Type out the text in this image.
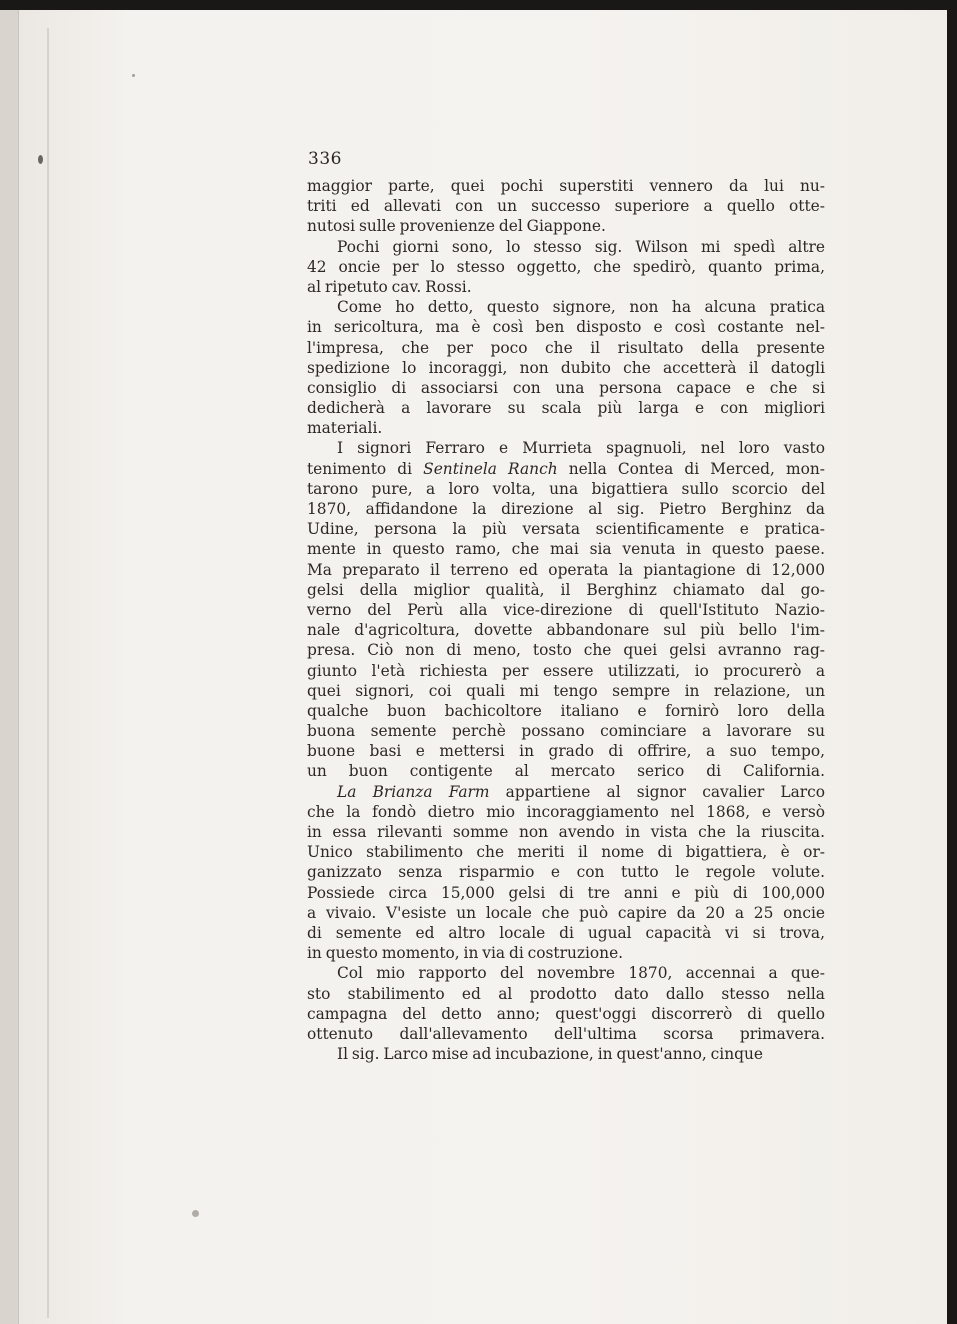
336
maggior parte, quei pochi superstiti vennero da lui nu-
triti ed allevati con un successo superiore a quello otte-
nutosi sulle provenienze del Giappone.
Pochi giorni sono, lo stesso sig. Wilson mi spedì altre
42 oncie per lo stesso oggetto, che spedirò, quanto prima,
al ripetuto cav. Rossi.
Come ho detto, questo signore, non ha alcuna pratica
in sericoltura, ma è così ben disposto e così costante nel-
l'impresa, che per poco che il risultato della presente
spedizione lo incoraggi, non dubito che accetterà il datogli
consiglio di associarsi con una persona capace e che si
dedicherà a lavorare su scala più larga e con migliori
materiali.
I signori Ferraro e Murrieta spagnuoli, nel loro vasto
tenimento di Sentinela Ranch nella Contea di Merced, mon-
tarono pure, a loro volta, una bigattiera sullo scorcio del
1870, affidandone la direzione al sig. Pietro Berghinz da
Udine, persona la più versata scientificamente e pratica-
mente in questo ramo, che mai sia venuta in questo paese.
Ma preparato il terreno ed operata la piantagione di 12,000
gelsi della miglior qualità, il Berghinz chiamato dal go-
verno del Perù alla vice-direzione di quell'Istituto Nazio-
nale d'agricoltura, dovette abbandonare sul più bello l'im-
presa. Ciò non di meno, tosto che quei gelsi avranno rag-
giunto l'età richiesta per essere utilizzati, io procurerò a
quei signori, coi quali mi tengo sempre in relazione, un
qualche buon bachicoltore italiano e fornirò loro della
buona semente perchè possano cominciare a lavorare su
buone basi e mettersi in grado di offrire, a suo tempo,
un buon contigente al mercato serico di California.
La Brianza Farm appartiene al signor cavalier Larco
che la fondò dietro mio incoraggiamento nel 1868, e versò
in essa rilevanti somme non avendo in vista che la riuscita.
Unico stabilimento che meriti il nome di bigattiera, è or-
ganizzato senza risparmio e con tutto le regole volute.
Possiede circa 15,000 gelsi di tre anni e più di 100,000
a vivaio. V'esiste un locale che può capire da 20 a 25 oncie
di semente ed altro locale di ugual capacità vi si trova,
in questo momento, in via di costruzione.
Col mio rapporto del novembre 1870, accennai a que-
sto stabilimento ed al prodotto dato dallo stesso nella
campagna del detto anno; quest'oggi discorrerò di quello
ottenuto dall'allevamento dell'ultima scorsa primavera.
Il sig. Larco mise ad incubazione, in quest'anno, cinque
